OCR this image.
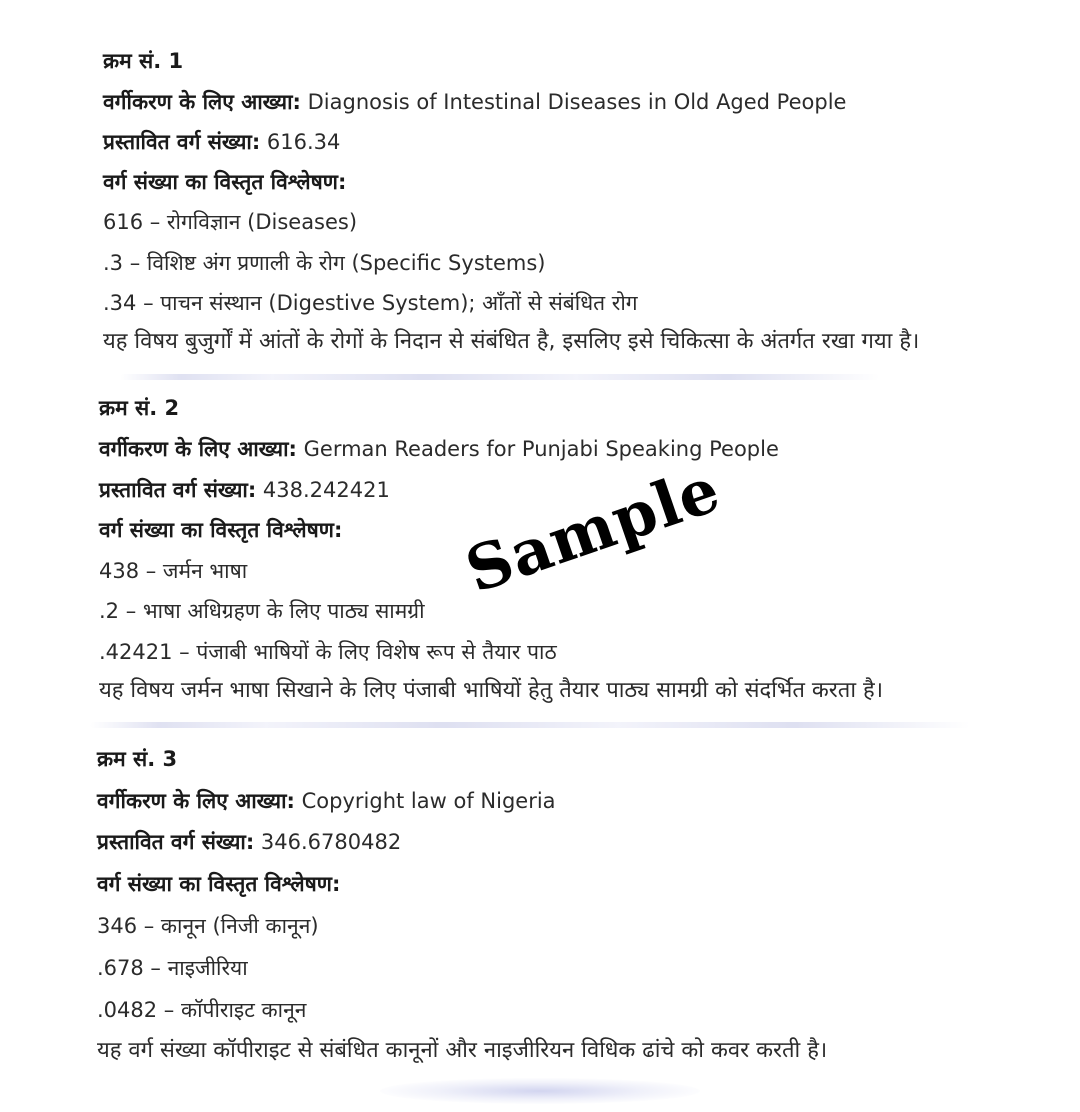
क्रम सं. 1
वर्गीकरण के लिए आख्या: Diagnosis of Intestinal Diseases in Old Aged People
प्रस्तावित वर्ग संख्या: 616.34
वर्ग संख्या का विस्तृत विश्लेषण:
616 – रोगविज्ञान (Diseases)
.3 – विशिष्ट अंग प्रणाली के रोग (Specific Systems)
.34 – पाचन संस्थान (Digestive System); आँतों से संबंधित रोग
यह विषय बुजुर्गों में आंतों के रोगों के निदान से संबंधित है, इसलिए इसे चिकित्सा के अंतर्गत रखा गया है।
क्रम सं. 2
वर्गीकरण के लिए आख्या: German Readers for Punjabi Speaking People
प्रस्तावित वर्ग संख्या: 438.242421
वर्ग संख्या का विस्तृत विश्लेषण:
438 – जर्मन भाषा
.2 – भाषा अधिग्रहण के लिए पाठ्य सामग्री
.42421 – पंजाबी भाषियों के लिए विशेष रूप से तैयार पाठ
यह विषय जर्मन भाषा सिखाने के लिए पंजाबी भाषियों हेतु तैयार पाठ्य सामग्री को संदर्भित करता है।
क्रम सं. 3
वर्गीकरण के लिए आख्या: Copyright law of Nigeria
प्रस्तावित वर्ग संख्या: 346.6780482
वर्ग संख्या का विस्तृत विश्लेषण:
346 – कानून (निजी कानून)
.678 – नाइजीरिया
.0482 – कॉपीराइट कानून
यह वर्ग संख्या कॉपीराइट से संबंधित कानूनों और नाइजीरियन विधिक ढांचे को कवर करती है।
Sample
